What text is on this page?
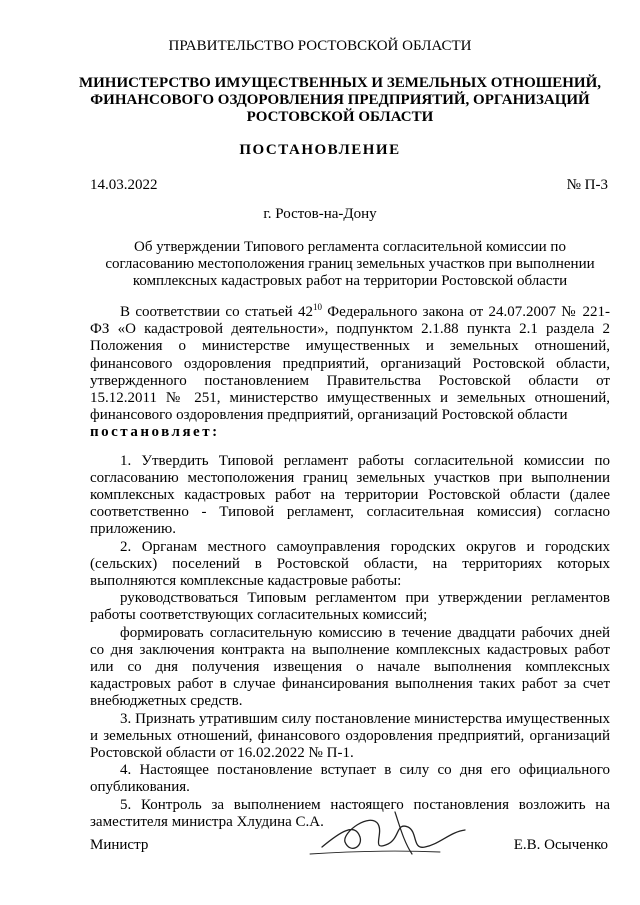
ПРАВИТЕЛЬСТВО РОСТОВСКОЙ ОБЛАСТИ
МИНИСТЕРСТВО ИМУЩЕСТВЕННЫХ И ЗЕМЕЛЬНЫХ ОТНОШЕНИЙ,
ФИНАНСОВОГО ОЗДОРОВЛЕНИЯ ПРЕДПРИЯТИЙ, ОРГАНИЗАЦИЙ
РОСТОВСКОЙ ОБЛАСТИ
ПОСТАНОВЛЕНИЕ
14.03.2022	№ П-3
г. Ростов-на-Дону
Об утверждении Типового регламента согласительной комиссии по согласованию местоположения границ земельных участков при выполнении комплексных кадастровых работ на территории Ростовской области

В соответствии со статьей $42^{10}$ Федерального закона от 24.07.2007 № 221-ФЗ «О кадастровой деятельности», подпунктом 2.1.88 пункта 2.1 раздела 2 Положения о министерстве имущественных и земельных отношений, финансового оздоровления предприятий, организаций Ростовской области, утвержденного постановлением Правительства Ростовской области от 15.12.2011 № 251, министерство имущественных и земельных отношений, финансового оздоровления предприятий, организаций Ростовской области

постановляет:

1. Утвердить Типовой регламент работы согласительной комиссии по согласованию местоположения границ земельных участков при выполнении комплексных кадастровых работ на территории Ростовской области (далее соответственно - Типовой регламент, согласительная комиссия) согласно приложению.

2. Органам местного самоуправления городских округов и городских (сельских) поселений в Ростовской области, на территориях которых выполняются комплексные кадастровые работы:

руководствоваться Типовым регламентом при утверждении регламентов работы соответствующих согласительных комиссий;

формировать согласительную комиссию в течение двадцати рабочих дней со дня заключения контракта на выполнение комплексных кадастровых работ или со дня получения извещения о начале выполнения комплексных кадастровых работ в случае финансирования выполнения таких работ за счет внебюджетных средств.

3. Признать утратившим силу постановление министерства имущественных и земельных отношений, финансового оздоровления предприятий, организаций Ростовской области от 16.02.2022 № П-1.

4. Настоящее постановление вступает в силу со дня его официального опубликования.

5. Контроль за выполнением настоящего постановления возложить на заместителя министра Хлудина С.А.

Министр	Е.В. Осыченко
